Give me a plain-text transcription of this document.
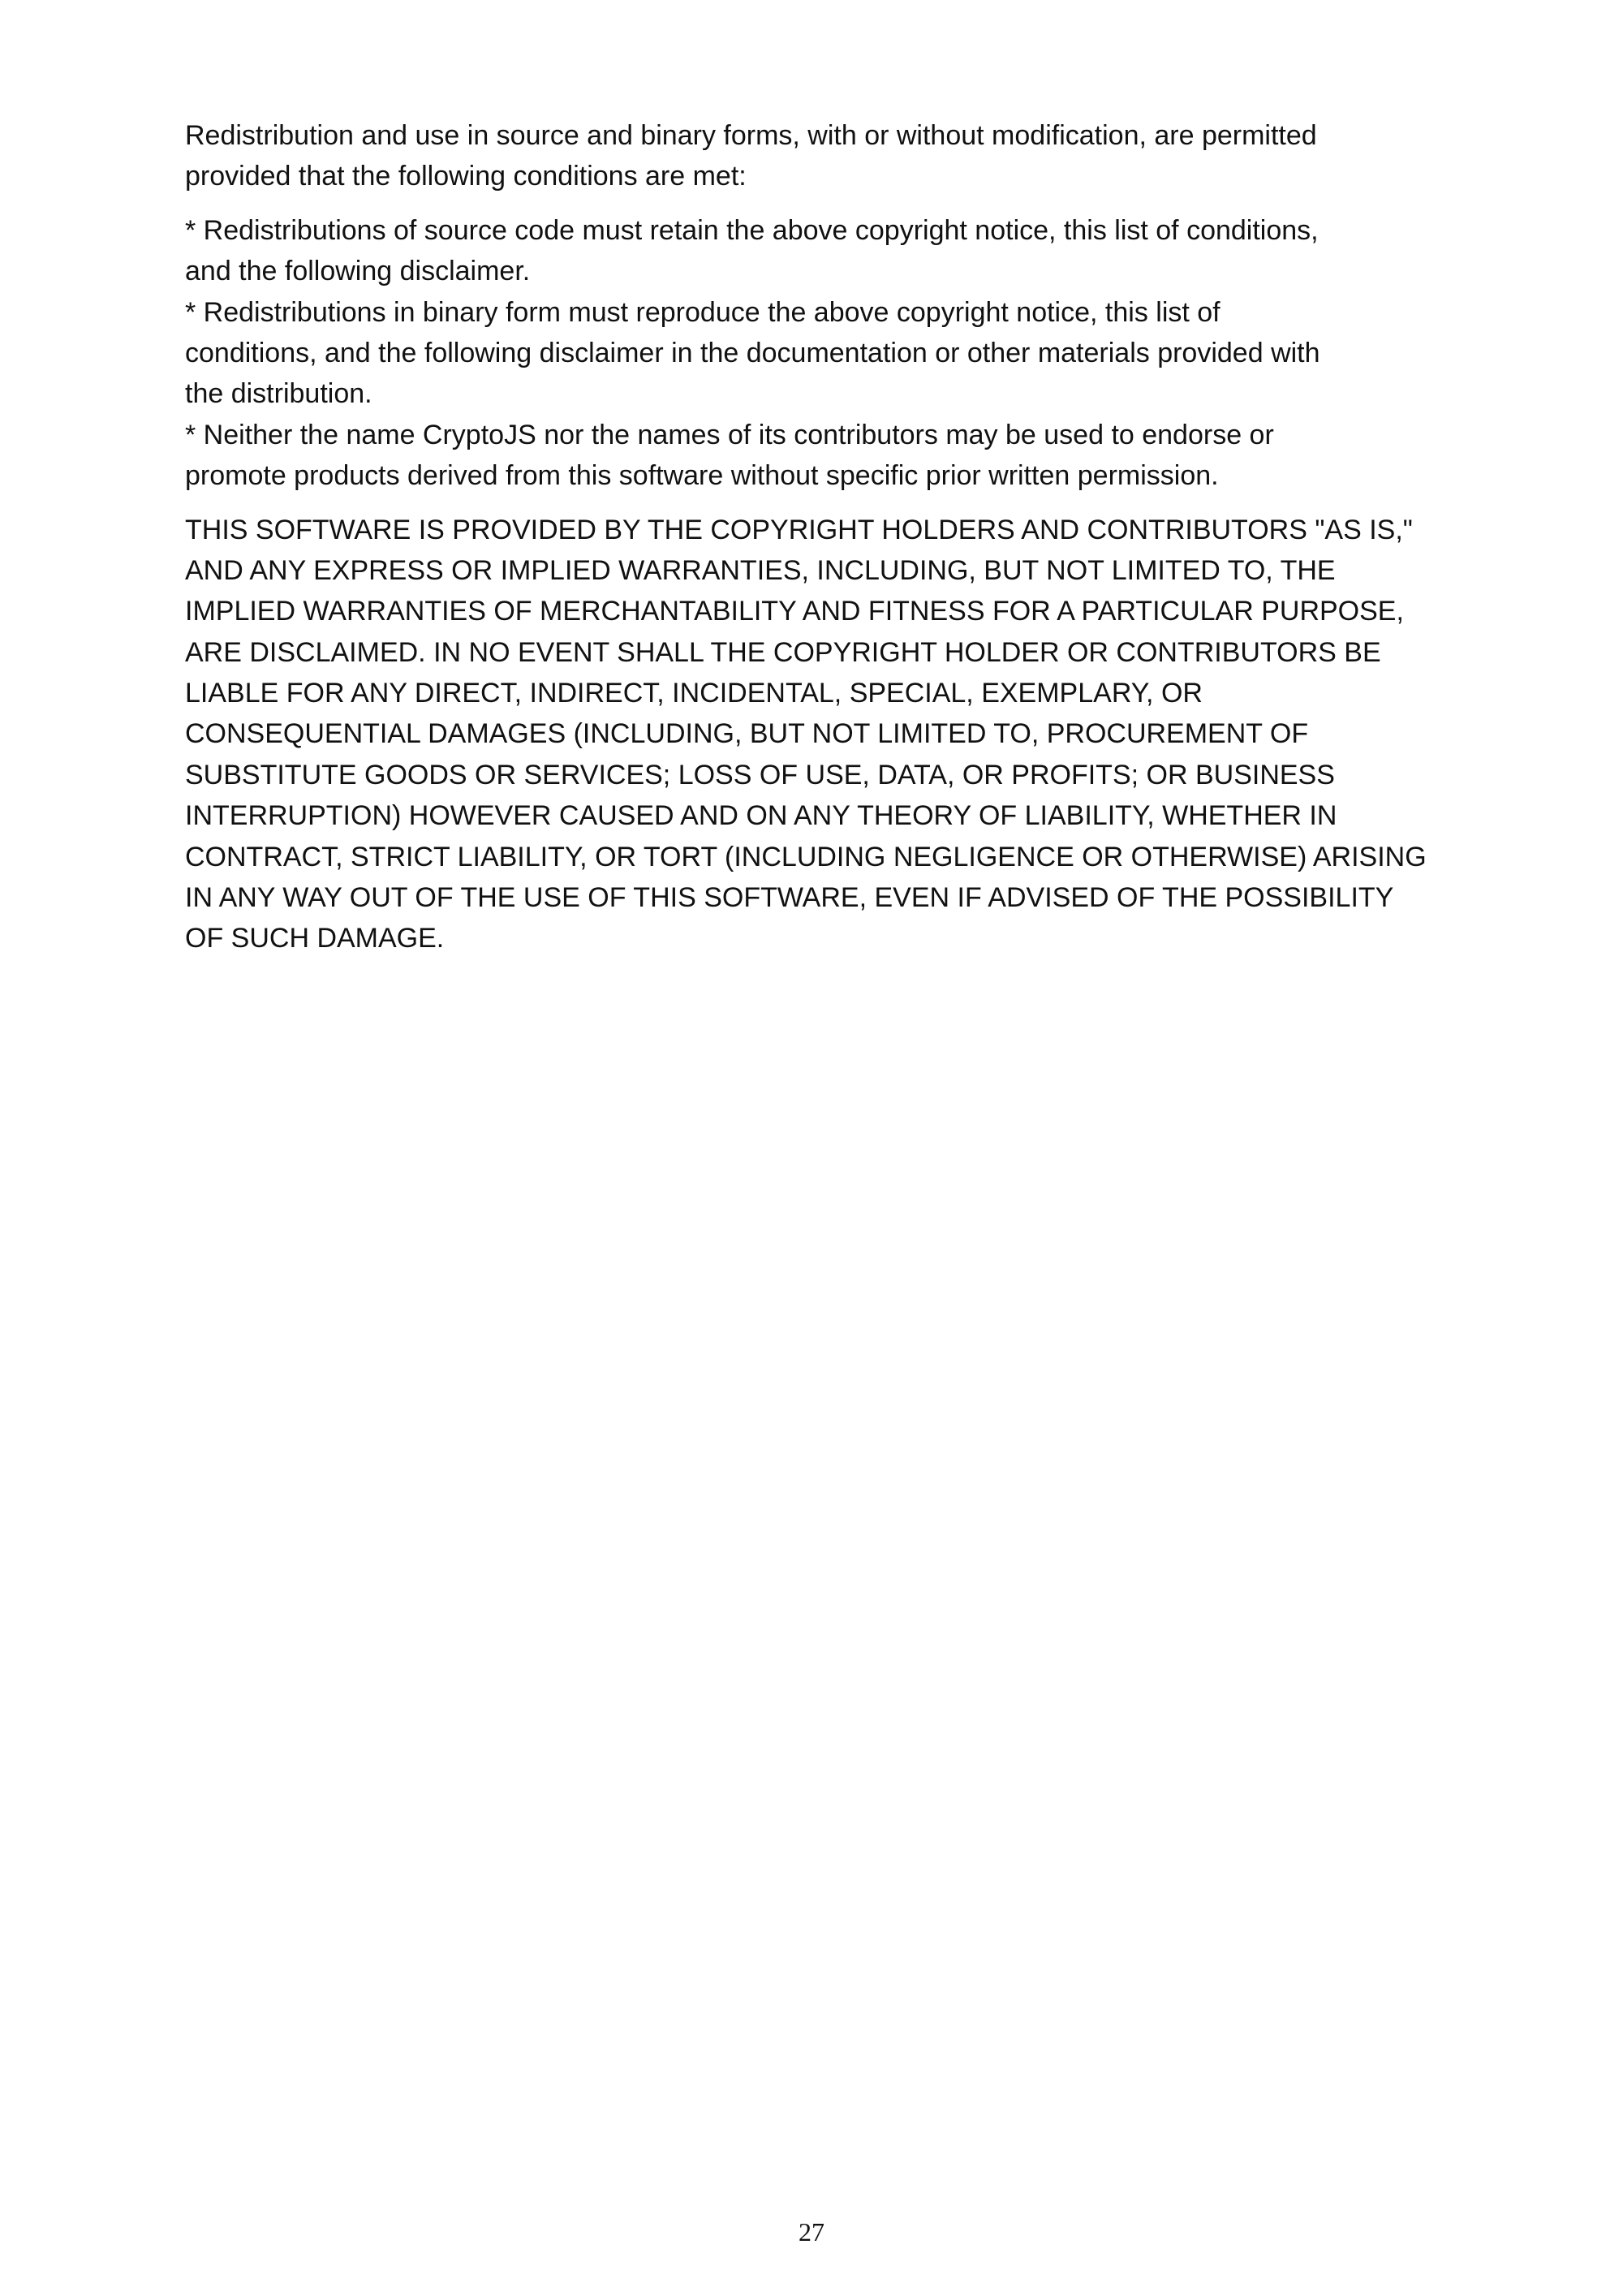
Redistribution and use in source and binary forms, with or without modification, are permitted
provided that the following conditions are met:
* Redistributions of source code must retain the above copyright notice, this list of conditions,
and the following disclaimer.
* Redistributions in binary form must reproduce the above copyright notice, this list of
conditions, and the following disclaimer in the documentation or other materials provided with
the distribution.
* Neither the name CryptoJS nor the names of its contributors may be used to endorse or
promote products derived from this software without specific prior written permission.
THIS SOFTWARE IS PROVIDED BY THE COPYRIGHT HOLDERS AND CONTRIBUTORS "AS IS,"
AND ANY EXPRESS OR IMPLIED WARRANTIES, INCLUDING, BUT NOT LIMITED TO, THE
IMPLIED WARRANTIES OF MERCHANTABILITY AND FITNESS FOR A PARTICULAR PURPOSE,
ARE DISCLAIMED. IN NO EVENT SHALL THE COPYRIGHT HOLDER OR CONTRIBUTORS BE
LIABLE FOR ANY DIRECT, INDIRECT, INCIDENTAL, SPECIAL, EXEMPLARY, OR
CONSEQUENTIAL DAMAGES (INCLUDING, BUT NOT LIMITED TO, PROCUREMENT OF
SUBSTITUTE GOODS OR SERVICES; LOSS OF USE, DATA, OR PROFITS; OR BUSINESS
INTERRUPTION) HOWEVER CAUSED AND ON ANY THEORY OF LIABILITY, WHETHER IN
CONTRACT, STRICT LIABILITY, OR TORT (INCLUDING NEGLIGENCE OR OTHERWISE) ARISING
IN ANY WAY OUT OF THE USE OF THIS SOFTWARE, EVEN IF ADVISED OF THE POSSIBILITY
OF SUCH DAMAGE.
27
